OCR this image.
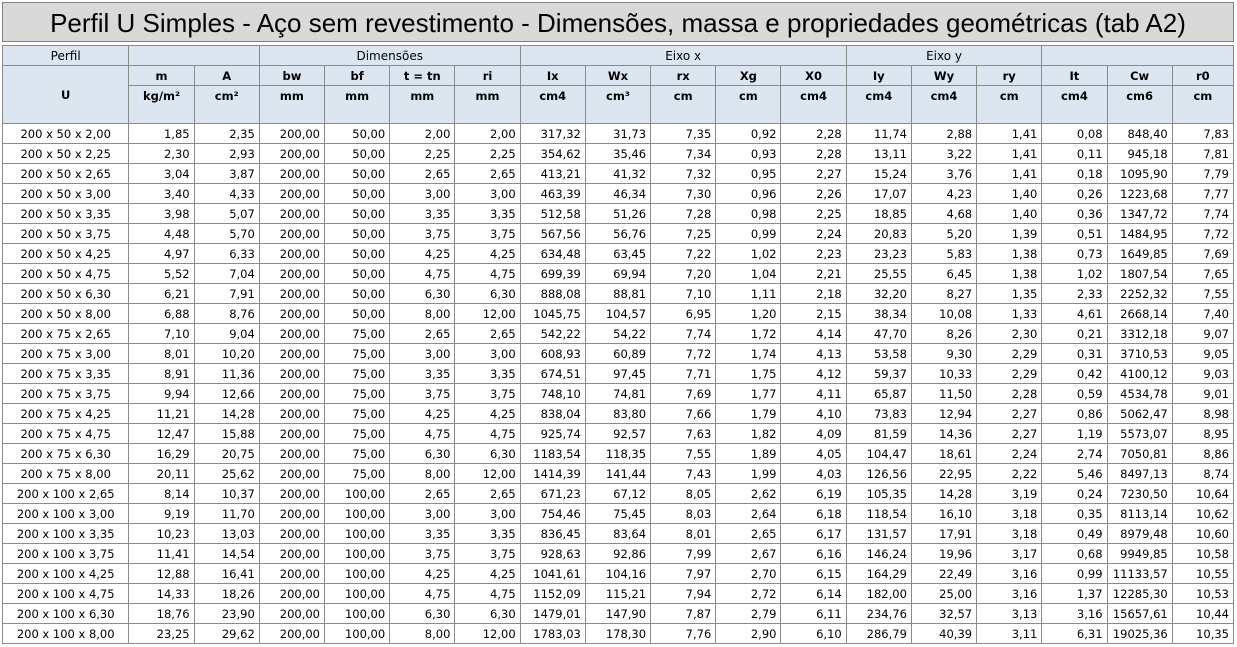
Perfil U Simples - Aço sem revestimento - Dimensões, massa e propriedades geométricas (tab A2)
Perfil			Dimensões				Eixo x					Eixo y					
	m	A	bw	bf	t = tn	ri	Ix	Wx	rx	Xg	X0	Iy	Wy	ry	It	Cw	r0
U	kg/m²	cm²	mm	mm	mm	mm	cm4	cm³	cm	cm	cm4	cm4	cm4	cm	cm4	cm6	cm

200 x 50 x 2,00	1,85	2,35	200,00	50,00	2,00	2,00	317,32	31,73	7,35	0,92	2,28	11,74	2,88	1,41	0,08	848,40	7,83
200 x 50 x 2,25	2,30	2,93	200,00	50,00	2,25	2,25	354,62	35,46	7,34	0,93	2,28	13,11	3,22	1,41	0,11	945,18	7,81
200 x 50 x 2,65	3,04	3,87	200,00	50,00	2,65	2,65	413,21	41,32	7,32	0,95	2,27	15,24	3,76	1,41	0,18	1095,90	7,79
200 x 50 x 3,00	3,40	4,33	200,00	50,00	3,00	3,00	463,39	46,34	7,30	0,96	2,26	17,07	4,23	1,40	0,26	1223,68	7,77
200 x 50 x 3,35	3,98	5,07	200,00	50,00	3,35	3,35	512,58	51,26	7,28	0,98	2,25	18,85	4,68	1,40	0,36	1347,72	7,74
200 x 50 x 3,75	4,48	5,70	200,00	50,00	3,75	3,75	567,56	56,76	7,25	0,99	2,24	20,83	5,20	1,39	0,51	1484,95	7,72
200 x 50 x 4,25	4,97	6,33	200,00	50,00	4,25	4,25	634,48	63,45	7,22	1,02	2,23	23,23	5,83	1,38	0,73	1649,85	7,69
200 x 50 x 4,75	5,52	7,04	200,00	50,00	4,75	4,75	699,39	69,94	7,20	1,04	2,21	25,55	6,45	1,38	1,02	1807,54	7,65
200 x 50 x 6,30	6,21	7,91	200,00	50,00	6,30	6,30	888,08	88,81	7,10	1,11	2,18	32,20	8,27	1,35	2,33	2252,32	7,55
200 x 50 x 8,00	6,88	8,76	200,00	50,00	8,00	12,00	1045,75	104,57	6,95	1,20	2,15	38,34	10,08	1,33	4,61	2668,14	7,40
200 x 75 x 2,65	7,10	9,04	200,00	75,00	2,65	2,65	542,22	54,22	7,74	1,72	4,14	47,70	8,26	2,30	0,21	3312,18	9,07
200 x 75 x 3,00	8,01	10,20	200,00	75,00	3,00	3,00	608,93	60,89	7,72	1,74	4,13	53,58	9,30	2,29	0,31	3710,53	9,05
200 x 75 x 3,35	8,91	11,36	200,00	75,00	3,35	3,35	674,51	97,45	7,71	1,75	4,12	59,37	10,33	2,29	0,42	4100,12	9,03
200 x 75 x 3,75	9,94	12,66	200,00	75,00	3,75	3,75	748,10	74,81	7,69	1,77	4,11	65,87	11,50	2,28	0,59	4534,78	9,01
200 x 75 x 4,25	11,21	14,28	200,00	75,00	4,25	4,25	838,04	83,80	7,66	1,79	4,10	73,83	12,94	2,27	0,86	5062,47	8,98
200 x 75 x 4,75	12,47	15,88	200,00	75,00	4,75	4,75	925,74	92,57	7,63	1,82	4,09	81,59	14,36	2,27	1,19	5573,07	8,95
200 x 75 x 6,30	16,29	20,75	200,00	75,00	6,30	6,30	1183,54	118,35	7,55	1,89	4,05	104,47	18,61	2,24	2,74	7050,81	8,86
200 x 75 x 8,00	20,11	25,62	200,00	75,00	8,00	12,00	1414,39	141,44	7,43	1,99	4,03	126,56	22,95	2,22	5,46	8497,13	8,74
200 x 100 x 2,65	8,14	10,37	200,00	100,00	2,65	2,65	671,23	67,12	8,05	2,62	6,19	105,35	14,28	3,19	0,24	7230,50	10,64
200 x 100 x 3,00	9,19	11,70	200,00	100,00	3,00	3,00	754,46	75,45	8,03	2,64	6,18	118,54	16,10	3,18	0,35	8113,14	10,62
200 x 100 x 3,35	10,23	13,03	200,00	100,00	3,35	3,35	836,45	83,64	8,01	2,65	6,17	131,57	17,91	3,18	0,49	8979,48	10,60
200 x 100 x 3,75	11,41	14,54	200,00	100,00	3,75	3,75	928,63	92,86	7,99	2,67	6,16	146,24	19,96	3,17	0,68	9949,85	10,58
200 x 100 x 4,25	12,88	16,41	200,00	100,00	4,25	4,25	1041,61	104,16	7,97	2,70	6,15	164,29	22,49	3,16	0,99	11133,57	10,55
200 x 100 x 4,75	14,33	18,26	200,00	100,00	4,75	4,75	1152,09	115,21	7,94	2,72	6,14	182,00	25,00	3,16	1,37	12285,30	10,53
200 x 100 x 6,30	18,76	23,90	200,00	100,00	6,30	6,30	1479,01	147,90	7,87	2,79	6,11	234,76	32,57	3,13	3,16	15657,61	10,44
200 x 100 x 8,00	23,25	29,62	200,00	100,00	8,00	12,00	1783,03	178,30	7,76	2,90	6,10	286,79	40,39	3,11	6,31	19025,36	10,35
